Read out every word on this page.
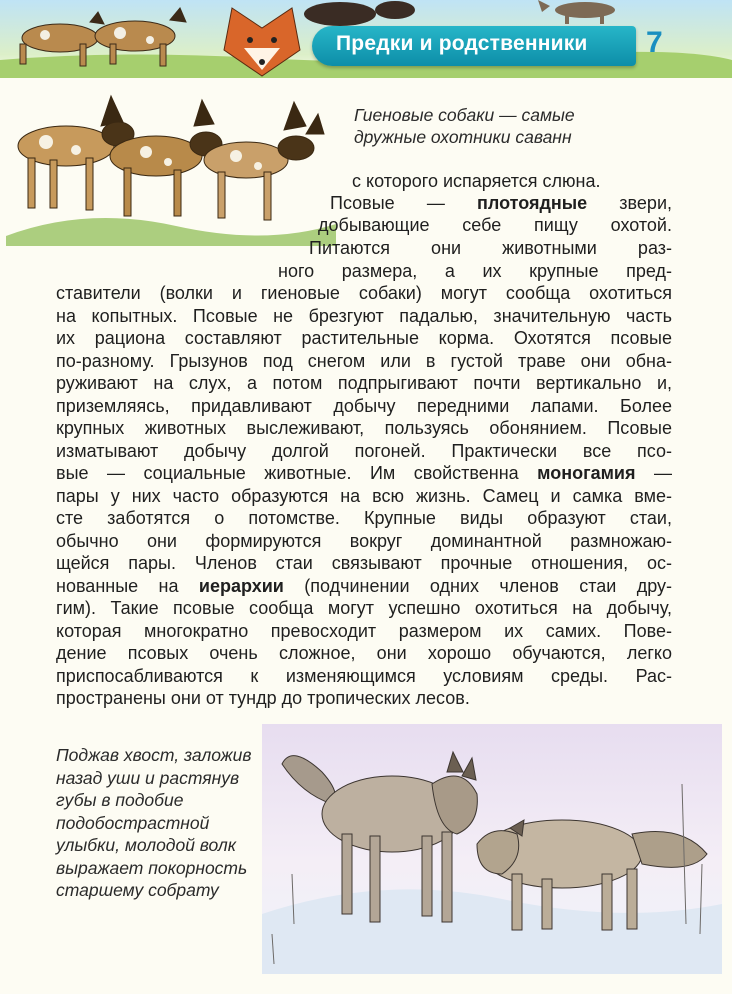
Предки и родственники 7
Гиеновые собаки — самые
дружные охотники саванн
с которого испаряется слюна.
Псовые — плотоядные звери,
добывающие себе пищу охотой.
Питаются они животными раз-
ного размера, а их крупные пред-
ставители (волки и гиеновые собаки) могут сообща охотиться
на копытных. Псовые не брезгуют падалью, значительную часть
их рациона составляют растительные корма. Охотятся псовые
по-разному. Грызунов под снегом или в густой траве они обна-
руживают на слух, а потом подпрыгивают почти вертикально и,
приземляясь, придавливают добычу передними лапами. Более
крупных животных выслеживают, пользуясь обонянием. Псовые
изматывают добычу долгой погоней. Практически все псо-
вые — социальные животные. Им свойственна моногамия —
пары у них часто образуются на всю жизнь. Самец и самка вме-
сте заботятся о потомстве. Крупные виды образуют стаи,
обычно они формируются вокруг доминантной размножаю-
щейся пары. Членов стаи связывают прочные отношения, ос-
нованные на иерархии (подчинении одних членов стаи дру-
гим). Такие псовые сообща могут успешно охотиться на добычу,
которая многократно превосходит размером их самих. Пове-
дение псовых очень сложное, они хорошо обучаются, легко
приспосабливаются к изменяющимся условиям среды. Рас-
пространены они от тундр до тропических лесов.
Поджав хвост, заложив
назад уши и растянув
губы в подобие
подобострастной
улыбки, молодой волк
выражает покорность
старшему собрату
